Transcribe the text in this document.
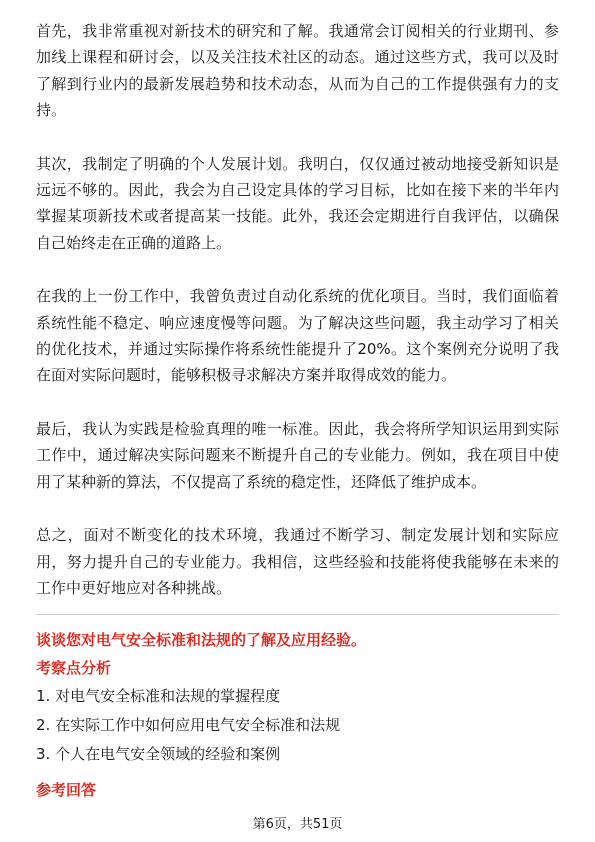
首先，我非常重视对新技术的研究和了解。我通常会订阅相关的行业期刊、参加线上课程和研讨会，以及关注技术社区的动态。通过这些方式，我可以及时了解到行业内的最新发展趋势和技术动态，从而为自己的工作提供强有力的支持。

其次，我制定了明确的个人发展计划。我明白，仅仅通过被动地接受新知识是远远不够的。因此，我会为自己设定具体的学习目标，比如在接下来的半年内掌握某项新技术或者提高某一技能。此外，我还会定期进行自我评估，以确保自己始终走在正确的道路上。

在我的上一份工作中，我曾负责过自动化系统的优化项目。当时，我们面临着系统性能不稳定、响应速度慢等问题。为了解决这些问题，我主动学习了相关的优化技术，并通过实际操作将系统性能提升了20%。这个案例充分说明了我在面对实际问题时，能够积极寻求解决方案并取得成效的能力。

最后，我认为实践是检验真理的唯一标准。因此，我会将所学知识运用到实际工作中，通过解决实际问题来不断提升自己的专业能力。例如，我在项目中使用了某种新的算法，不仅提高了系统的稳定性，还降低了维护成本。

总之，面对不断变化的技术环境，我通过不断学习、制定发展计划和实际应用，努力提升自己的专业能力。我相信，这些经验和技能将使我能够在未来的工作中更好地应对各种挑战。

谈谈您对电气安全标准和法规的了解及应用经验。
考察点分析
1. 对电气安全标准和法规的掌握程度
2. 在实际工作中如何应用电气安全标准和法规
3. 个人在电气安全领域的经验和案例
参考回答
第6页，共51页
